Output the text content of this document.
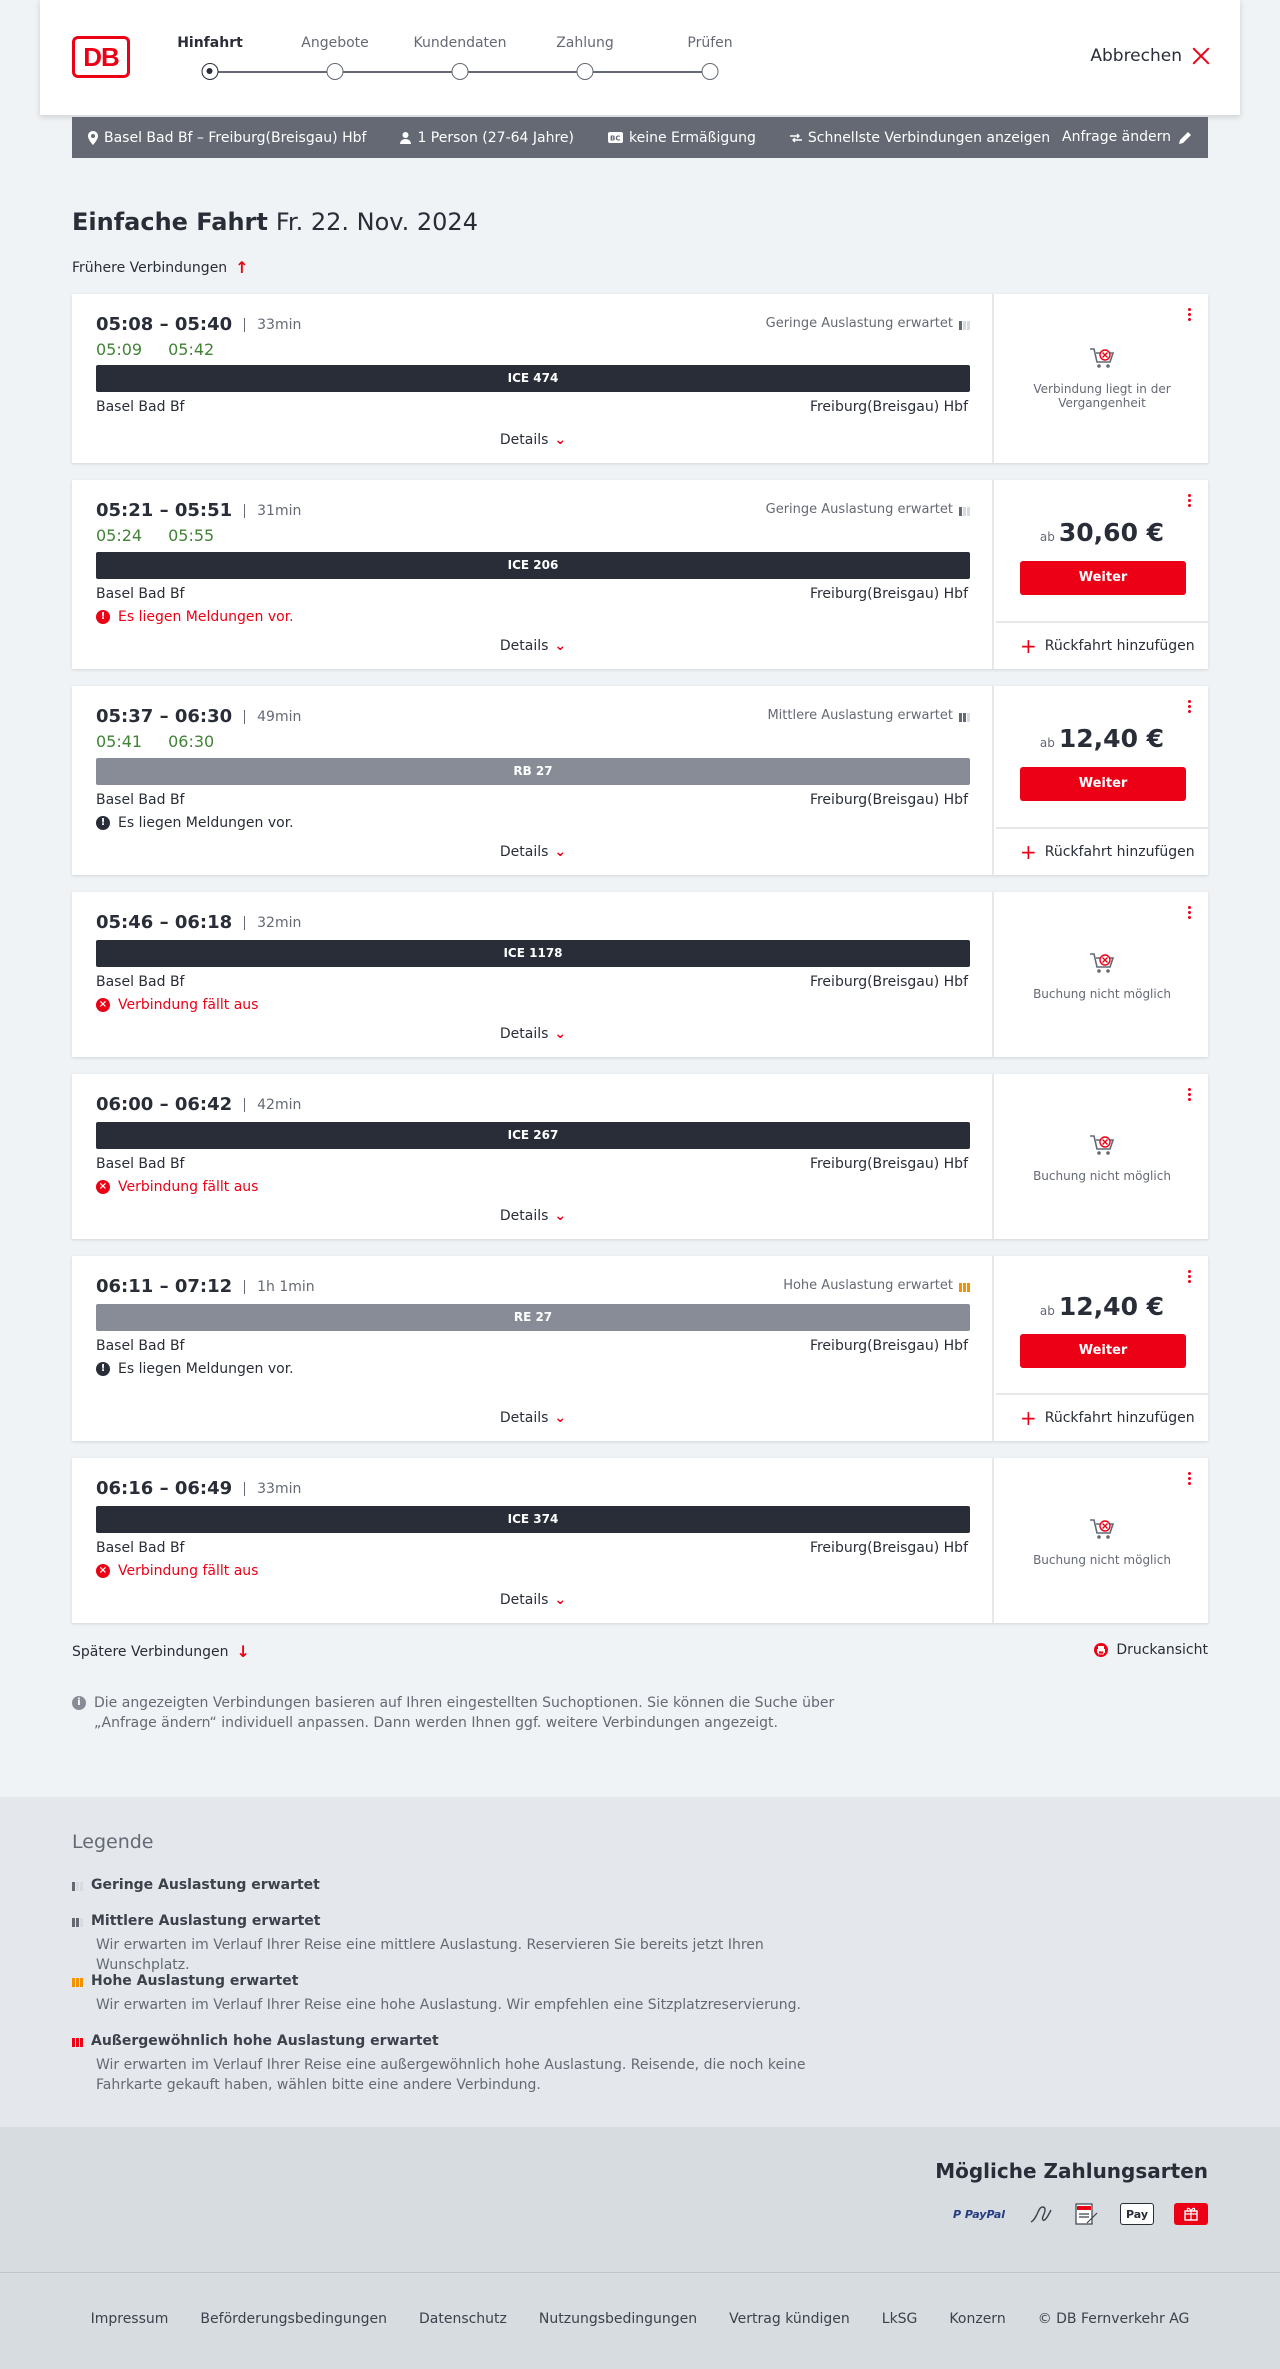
DB	Hinfahrt	Angebote	Kundendaten	Zahlung	Prüfen
Abbrechen
Basel Bad Bf – Freiburg(Breisgau) Hbf	1 Person (27-64 Jahre)	BC keine Ermäßigung	Schnellste Verbindungen anzeigen Anfrage ändern
Einfache Fahrt Fr. 22. Nov. 2024
Frühere Verbindungen ↑
05:08 – 05:40	33min
05:09 05:42
Geringe Auslastung erwartet
ICE 474
Basel Bad Bf	Freiburg(Breisgau) Hbf
Details ⌄
Verbindung liegt in der Vergangenheit
05:21 – 05:51	31min
05:24 05:55
Geringe Auslastung erwartet
ICE 206
Basel Bad Bf	Freiburg(Breisgau) Hbf
! Es liegen Meldungen vor.
Details ⌄
ab 30,60 €
Weiter
+ Rückfahrt hinzufügen
05:37 – 06:30	49min
05:41 06:30
Mittlere Auslastung erwartet
RB 27
Basel Bad Bf	Freiburg(Breisgau) Hbf
! Es liegen Meldungen vor.
Details ⌄
ab 12,40 €
Weiter
+ Rückfahrt hinzufügen
05:46 – 06:18	32min
ICE 1178
Basel Bad Bf	Freiburg(Breisgau) Hbf
× Verbindung fällt aus
Details ⌄
Buchung nicht möglich
06:00 – 06:42	42min
ICE 267
Basel Bad Bf	Freiburg(Breisgau) Hbf
× Verbindung fällt aus
Details ⌄
Buchung nicht möglich
06:11 – 07:12	1h 1min	Hohe Auslastung erwartet
RE 27
Basel Bad Bf	Freiburg(Breisgau) Hbf
! Es liegen Meldungen vor.
Details ⌄
ab 12,40 €
Weiter
+ Rückfahrt hinzufügen
06:16 – 06:49	33min
ICE 374
Basel Bad Bf	Freiburg(Breisgau) Hbf
× Verbindung fällt aus
Details ⌄
Buchung nicht möglich
Spätere Verbindungen ↓	Druckansicht
i Die angezeigten Verbindungen basieren auf Ihren eingestellten Suchoptionen. Sie können die Suche über „Anfrage ändern“ individuell anpassen. Dann werden Ihnen ggf. weitere Verbindungen angezeigt.
Legende
Geringe Auslastung erwartet
Mittlere Auslastung erwartet
Wir erwarten im Verlauf Ihrer Reise eine mittlere Auslastung. Reservieren Sie bereits jetzt Ihren Wunschplatz.
Hohe Auslastung erwartet
Wir erwarten im Verlauf Ihrer Reise eine hohe Auslastung. Wir empfehlen eine Sitzplatzreservierung.
Außergewöhnlich hohe Auslastung erwartet
Wir erwarten im Verlauf Ihrer Reise eine außergewöhnlich hohe Auslastung. Reisende, die noch keine Fahrkarte gekauft haben, wählen bitte eine andere Verbindung.
Mögliche Zahlungsarten
P
PayPal	Pay
Impressum Beförderungsbedingungen Datenschutz Nutzungsbedingungen Vertrag kündigen LkSG Konzern © DB Fernverkehr AG
